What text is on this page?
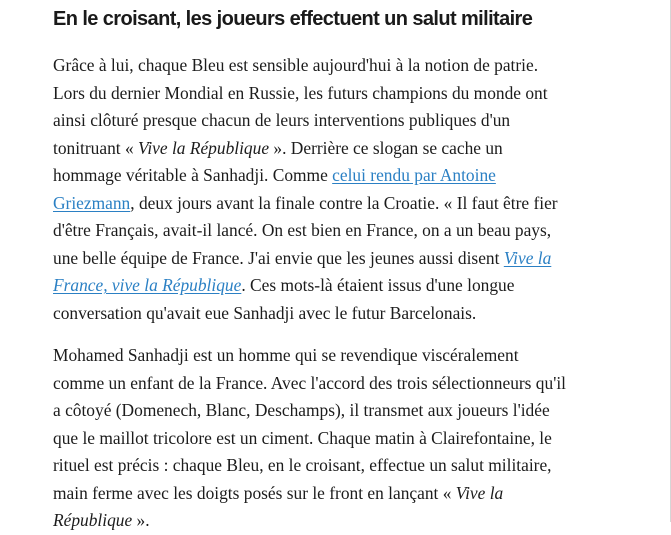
En le croisant, les joueurs effectuent un salut militaire

Grâce à lui, chaque Bleu est sensible aujourd'hui à la notion de patrie.
Lors du dernier Mondial en Russie, les futurs champions du monde ont
ainsi clôturé presque chacun de leurs interventions publiques d'un
tonitruant « Vive la République ». Derrière ce slogan se cache un
hommage véritable à Sanhadji. Comme celui rendu par Antoine
Griezmann, deux jours avant la finale contre la Croatie. « Il faut être fier
d'être Français, avait-il lancé. On est bien en France, on a un beau pays,
une belle équipe de France. J'ai envie que les jeunes aussi disent Vive la
France, vive la République. Ces mots-là étaient issus d'une longue
conversation qu'avait eue Sanhadji avec le futur Barcelonais.

Mohamed Sanhadji est un homme qui se revendique viscéralement
comme un enfant de la France. Avec l'accord des trois sélectionneurs qu'il
a côtoyé (Domenech, Blanc, Deschamps), il transmet aux joueurs l'idée
que le maillot tricolore est un ciment. Chaque matin à Clairefontaine, le
rituel est précis : chaque Bleu, en le croisant, effectue un salut militaire,
main ferme avec les doigts posés sur le front en lançant « Vive la
République ».
